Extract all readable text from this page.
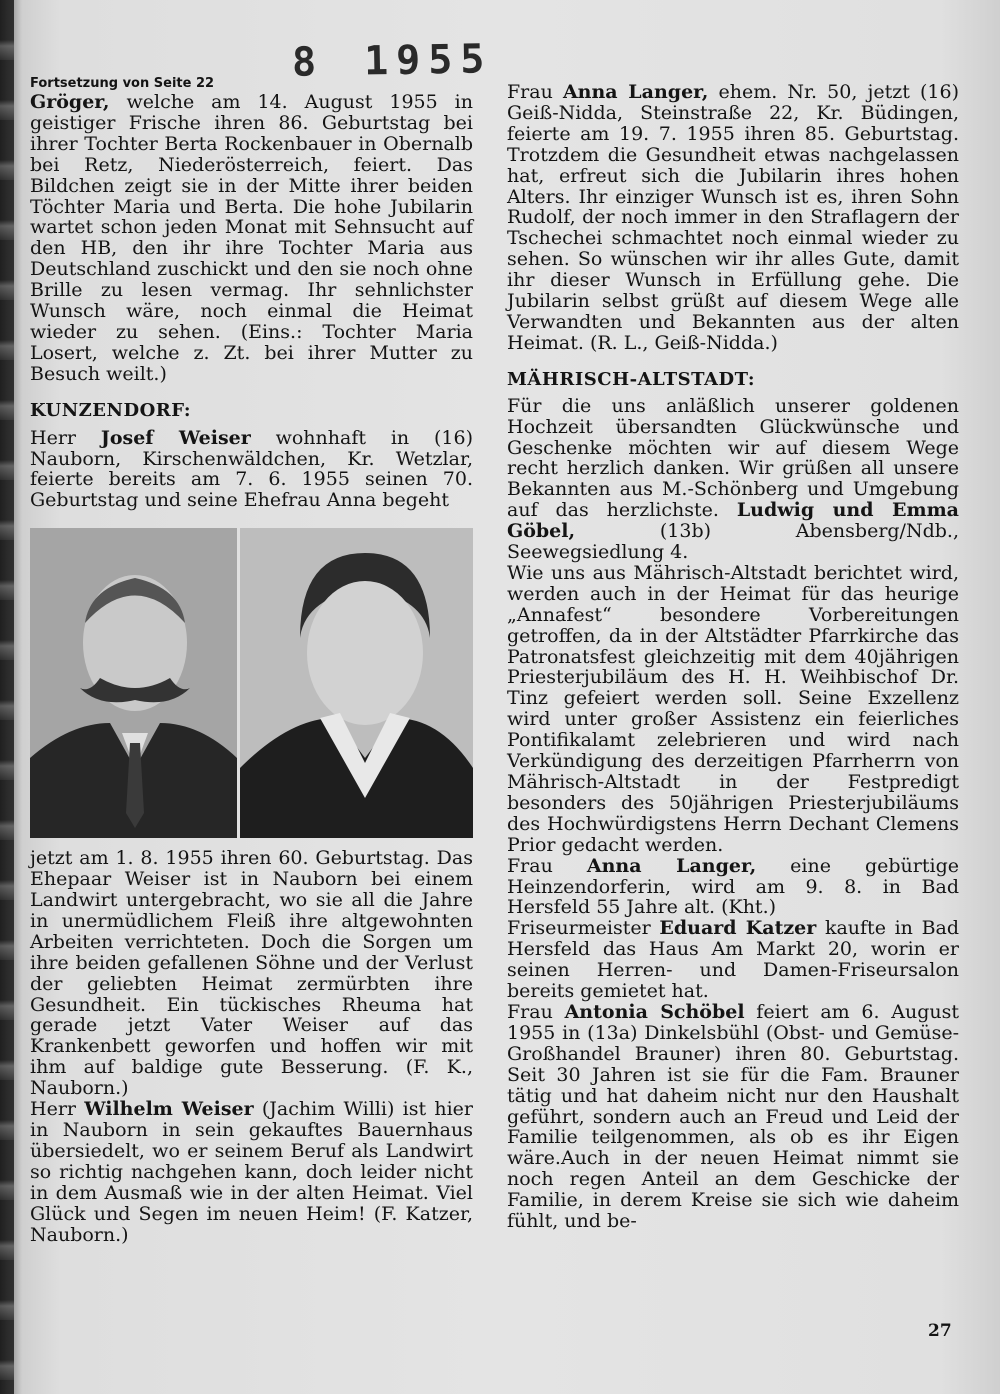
8 1955

Fortsetzung von Seite 22

Gröger, welche am 14. August 1955 in geistiger Frische ihren 86. Geburtstag bei ihrer Tochter Berta Rockenbauer in Obernalb bei Retz, Niederösterreich, feiert. Das Bildchen zeigt sie in der Mitte ihrer beiden Töchter Maria und Berta. Die hohe Jubilarin wartet schon jeden Monat mit Sehnsucht auf den HB, den ihr ihre Tochter Maria aus Deutschland zuschickt und den sie noch ohne Brille zu lesen vermag. Ihr sehnlichster Wunsch wäre, noch einmal die Heimat wieder zu sehen. (Eins.: Tochter Maria Losert, welche z. Zt. bei ihrer Mutter zu Besuch weilt.)

KUNZENDORF:

Herr Josef Weiser wohnhaft in (16) Nauborn, Kirschenwäldchen, Kr. Wetzlar, feierte bereits am 7. 6. 1955 seinen 70. Geburtstag und seine Ehefrau Anna begeht

jetzt am 1. 8. 1955 ihren 60. Geburtstag. Das Ehepaar Weiser ist in Nauborn bei einem Landwirt untergebracht, wo sie all die Jahre in unermüdlichem Fleiß ihre altgewohnten Arbeiten verrichteten. Doch die Sorgen um ihre beiden gefallenen Söhne und der Verlust der geliebten Heimat zermürbten ihre Gesundheit. Ein tückisches Rheuma hat gerade jetzt Vater Weiser auf das Krankenbett geworfen und hoffen wir mit ihm auf baldige gute Besserung. (F. K., Nauborn.)

Herr Wilhelm Weiser (Jachim Willi) ist hier in Nauborn in sein gekauftes Bauernhaus übersiedelt, wo er seinem Beruf als Landwirt so richtig nachgehen kann, doch leider nicht in dem Ausmaß wie in der alten Heimat. Viel Glück und Segen im neuen Heim! (F. Katzer, Nauborn.)

Frau Anna Langer, ehem. Nr. 50, jetzt (16) Geiß-Nidda, Steinstraße 22, Kr. Büdingen, feierte am 19. 7. 1955 ihren 85. Geburtstag. Trotzdem die Gesundheit etwas nachgelassen hat, erfreut sich die Jubilarin ihres hohen Alters. Ihr einziger Wunsch ist es, ihren Sohn Rudolf, der noch immer in den Straflagern der Tschechei schmachtet noch einmal wieder zu sehen. So wünschen wir ihr alles Gute, damit ihr dieser Wunsch in Erfüllung gehe. Die Jubilarin selbst grüßt auf diesem Wege alle Verwandten und Bekannten aus der alten Heimat. (R. L., Geiß-Nidda.)

MÄHRISCH-ALTSTADT:

Für die uns anläßlich unserer goldenen Hochzeit übersandten Glückwünsche und Geschenke möchten wir auf diesem Wege recht herzlich danken. Wir grüßen all unsere Bekannten aus M.-Schönberg und Umgebung auf das herzlichste. Ludwig und Emma Göbel, (13b) Abensberg/Ndb., Seewegsiedlung 4.

Wie uns aus Mährisch-Altstadt berichtet wird, werden auch in der Heimat für das heurige „Annafest“ besondere Vorbereitungen getroffen, da in der Altstädter Pfarrkirche das Patronatsfest gleichzeitig mit dem 40jährigen Priesterjubiläum des H. H. Weihbischof Dr. Tinz gefeiert werden soll. Seine Exzellenz wird unter großer Assistenz ein feierliches Pontifikalamt zelebrieren und wird nach Verkündigung des derzeitigen Pfarrherrn von Mährisch-Altstadt in der Festpredigt besonders des 50jährigen Priesterjubiläums des Hochwürdigstens Herrn Dechant Clemens Prior gedacht werden.

Frau Anna Langer, eine gebürtige Heinzendorferin, wird am 9. 8. in Bad Hersfeld 55 Jahre alt. (Kht.)

Friseurmeister Eduard Katzer kaufte in Bad Hersfeld das Haus Am Markt 20, worin er seinen Herren- und Damen-Friseursalon bereits gemietet hat.

Frau Antonia Schöbel feiert am 6. August 1955 in (13a) Dinkelsbühl (Obst- und Gemüse-Großhandel Brauner) ihren 80. Geburtstag. Seit 30 Jahren ist sie für die Fam. Brauner tätig und hat daheim nicht nur den Haushalt geführt, sondern auch an Freud und Leid der Familie teilgenommen, als ob es ihr Eigen wäre.Auch in der neuen Heimat nimmt sie noch regen Anteil an dem Geschicke der Familie, in derem Kreise sie sich wie daheim fühlt, und be-

27
